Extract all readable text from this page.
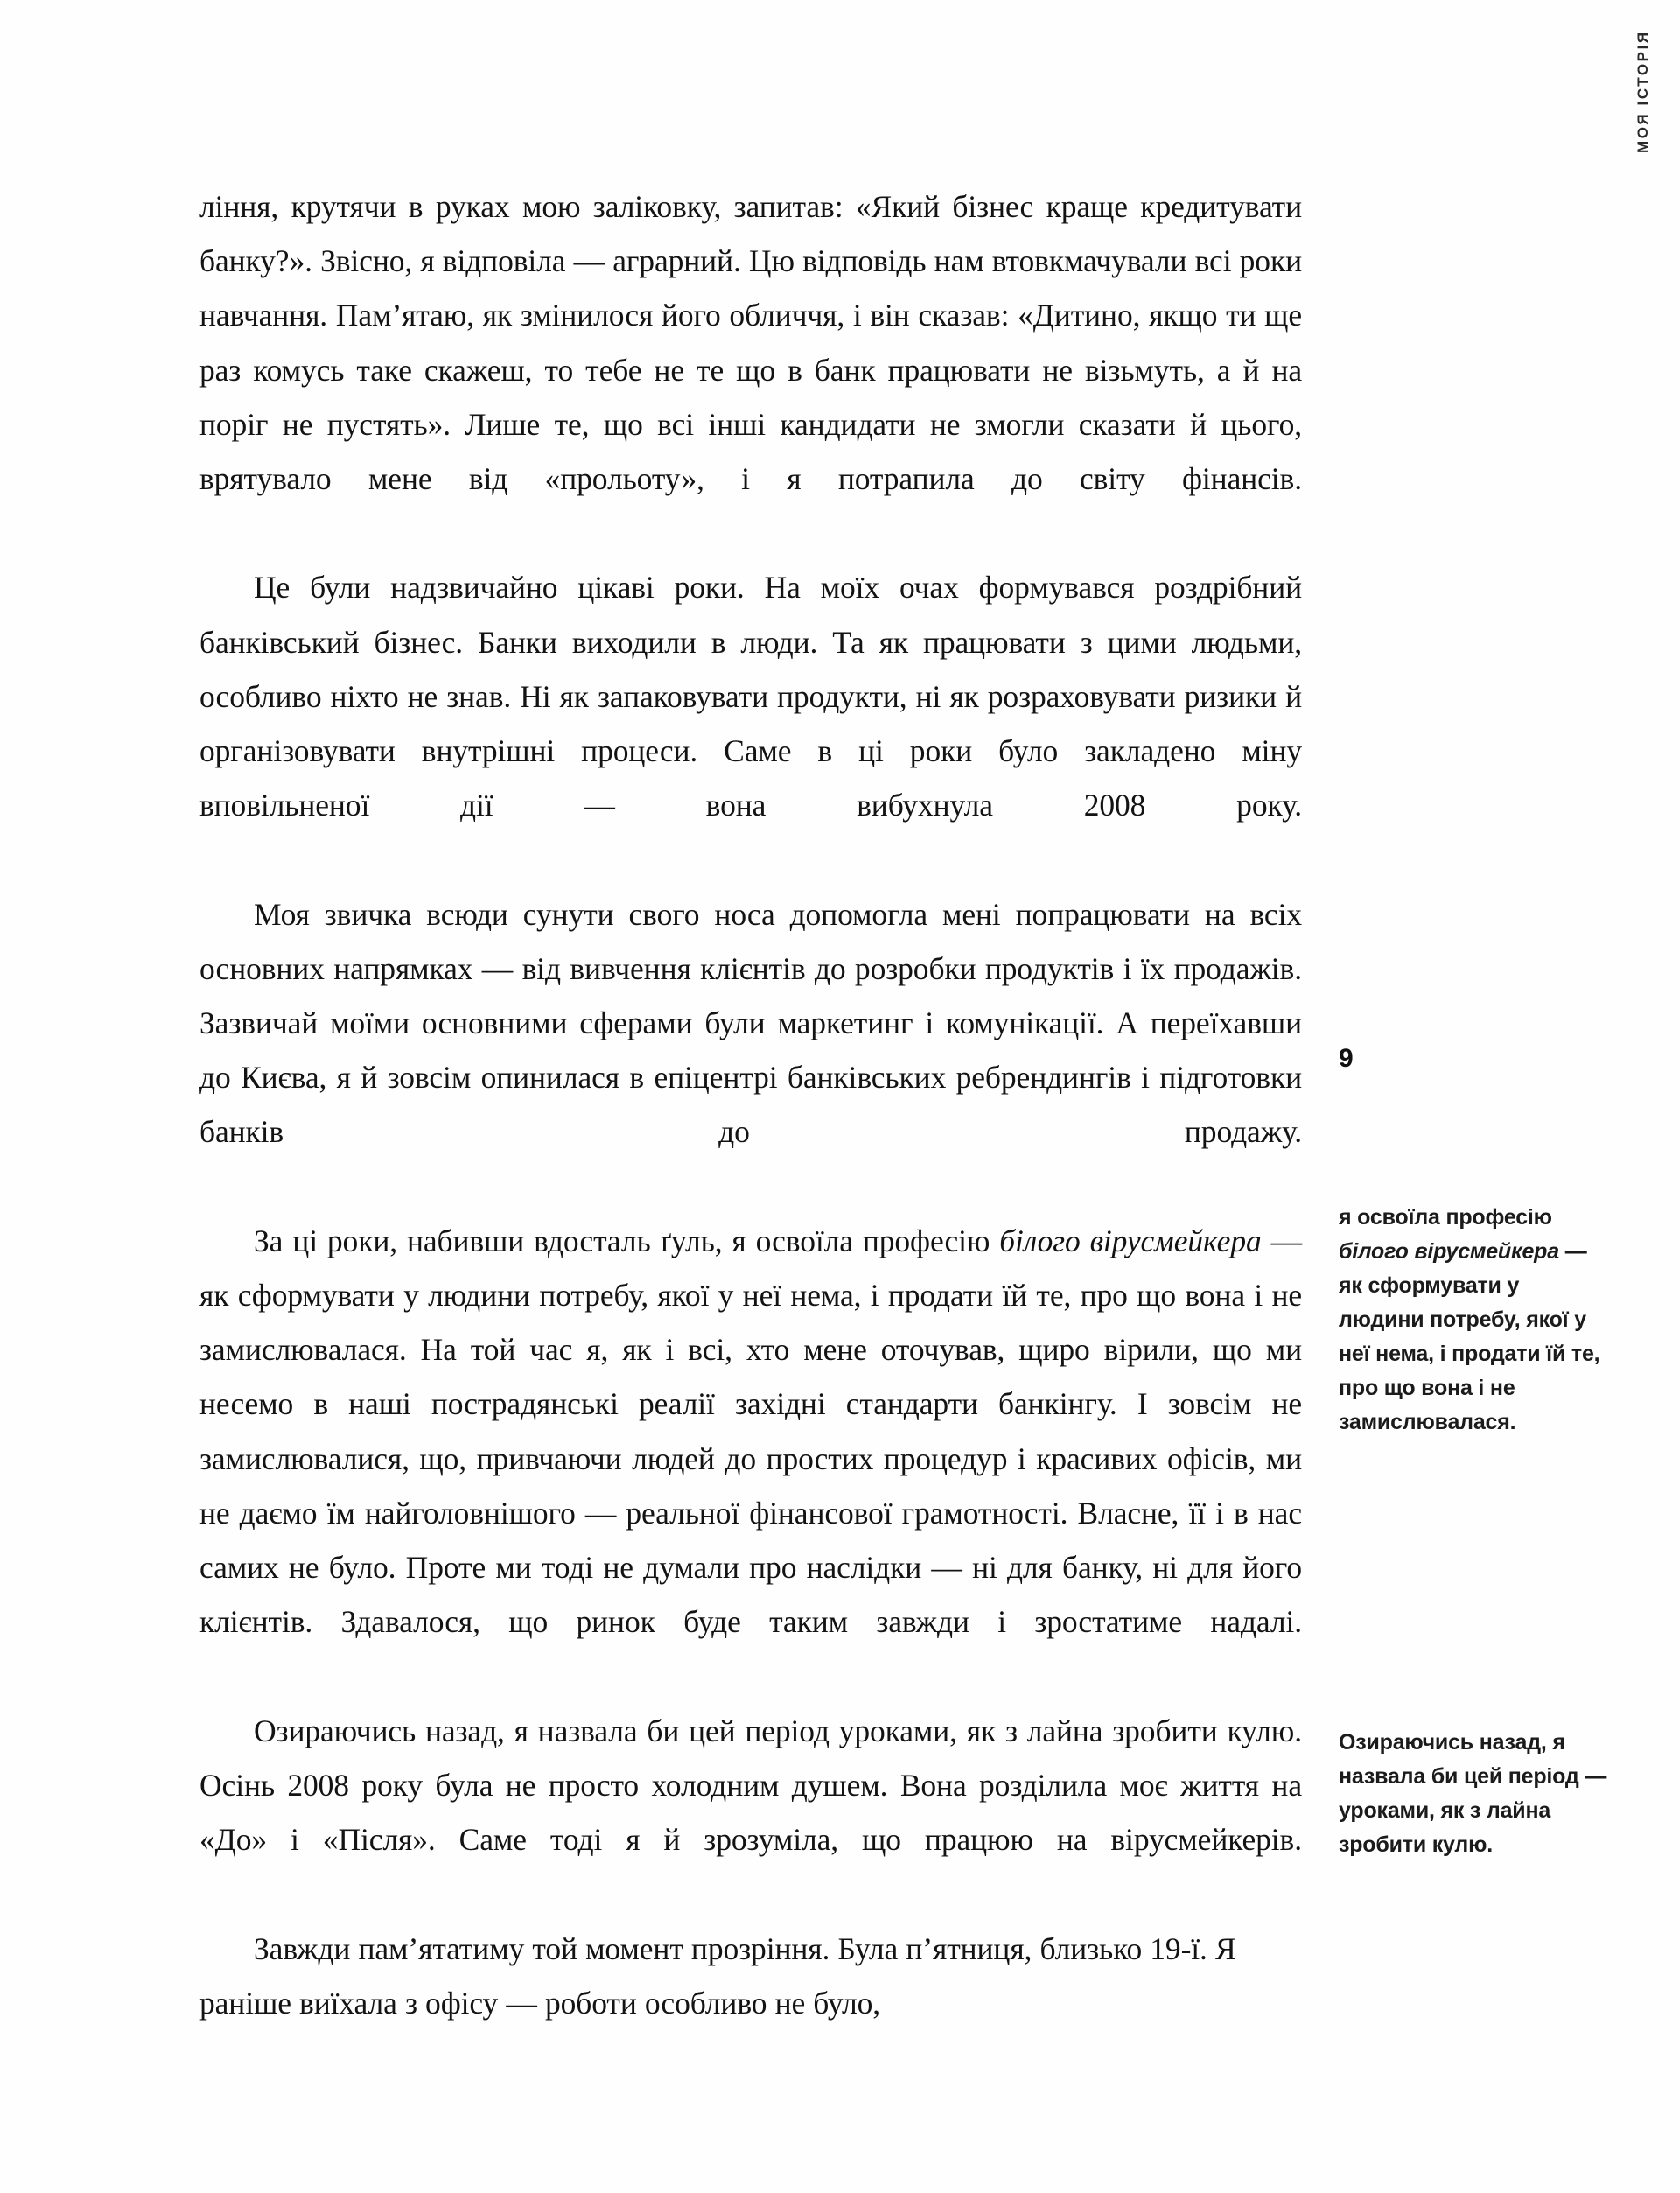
МОЯ ІСТОРІЯ

лiння, крутячи в руках мою залiковку, запитав: «Який бізнес краще кредитувати банку?». Звісно, я відповіла — аграрний. Цю відповідь нам втовкмачували всі роки навчання. Пам’ятаю, як змінилося його обличчя, і він сказав: «Дитино, якщо ти ще раз комусь таке скажеш, то тебе не те що в банк працювати не візьмуть, а й на поріг не пустять». Лише те, що всі інші кандидати не змогли сказати й цього, врятувало мене від «прольоту», і я потрапила до світу фінансів.

Це були надзвичайно цікаві роки. На моїх очах формувався роздрібний банківський бізнес. Банки виходили в люди. Та як працювати з цими людьми, особливо ніхто не знав. Ні як запаковувати продукти, ні як розраховувати ризики й організовувати внутрішні процеси. Саме в ці роки було закладено міну вповільненої дії — вона вибухнула 2008 року.

Моя звичка всюди сунути свого носа допомогла мені попрацювати на всіх основних напрямках — від вивчення клієнтів до розробки продуктів і їх продажів. Зазвичай моїми основними сферами були маркетинг і комунікації. А переїхавши до Києва, я й зовсім опинилася в епіцентрі банківських ребрендингів і підготовки банків до продажу.

За ці роки, набивши вдосталь ґуль, я освоїла професію білого вірусмейкера — як сформувати у людини потребу, якої у неї нема, і продати їй те, про що вона і не замислювалася. На той час я, як і всі, хто мене оточував, щиро вірили, що ми несемо в наші пострадянські реалії західні стандарти банкінгу. І зовсім не замислювалися, що, привчаючи людей до простих процедур і красивих офісів, ми не даємо їм найголовнішого — реальної фінансової грамотності. Власне, її і в нас самих не було. Проте ми тоді не думали про наслідки — ні для банку, ні для його клієнтів. Здавалося, що ринок буде таким завжди і зростатиме надалі.

Озираючись назад, я назвала би цей період уроками, як з лайна зробити кулю. Осінь 2008 року була не просто холодним душем. Вона розділила моє життя на «До» і «Після». Саме тоді я й зрозуміла, що працюю на вірусмейкерів.

Завжди пам’ятатиму той момент прозріння. Була п’ятниця, близько 19-ї. Я раніше виїхала з офісу — роботи особливо не було,

9
я освоїла професію білого вірусмейкера — як сформувати у людини потребу, якої у неї нема, і продати їй те, про що вона і не замислювалася.
Озираючись назад, я назвала би цей період — уроками, як з лайна зробити кулю.
